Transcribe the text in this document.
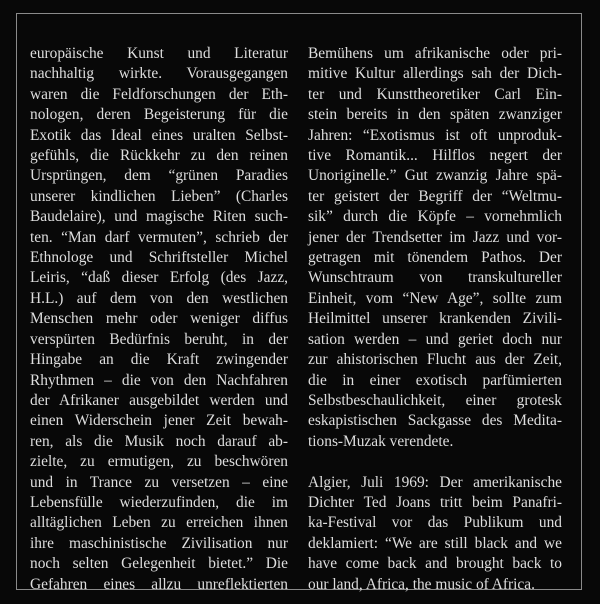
europäische Kunst und Literatur
nachhaltig wirkte. Vorausgegangen
waren die Feldforschungen der Eth-
nologen, deren Begeisterung für die
Exotik das Ideal eines uralten Selbst-
gefühls, die Rückkehr zu den reinen
Ursprüngen, dem “grünen Paradies
unserer kindlichen Lieben” (Charles
Baudelaire), und magische Riten such-
ten. “Man darf vermuten”, schrieb der
Ethnologe und Schriftsteller Michel
Leiris, “daß dieser Erfolg (des Jazz,
H.L.) auf dem von den westlichen
Menschen mehr oder weniger diffus
verspürten Bedürfnis beruht, in der
Hingabe an die Kraft zwingender
Rhythmen – die von den Nachfahren
der Afrikaner ausgebildet werden und
einen Widerschein jener Zeit bewah-
ren, als die Musik noch darauf ab-
zielte, zu ermutigen, zu beschwören
und in Trance zu versetzen – eine
Lebensfülle wiederzufinden, die im
alltäglichen Leben zu erreichen ihnen
ihre maschinistische Zivilisation nur
noch selten Gelegenheit bietet.” Die
Gefahren eines allzu unreflektierten
Bemühens um afrikanische oder pri-
mitive Kultur allerdings sah der Dich-
ter und Kunsttheoretiker Carl Ein-
stein bereits in den späten zwanziger
Jahren: “Exotismus ist oft unproduk-
tive Romantik... Hilflos negert der
Unoriginelle.” Gut zwanzig Jahre spä-
ter geistert der Begriff der “Weltmu-
sik” durch die Köpfe – vornehmlich
jener der Trendsetter im Jazz und vor-
getragen mit tönendem Pathos. Der
Wunschtraum von transkultureller
Einheit, vom “New Age”, sollte zum
Heilmittel unserer krankenden Zivili-
sation werden – und geriet doch nur
zur ahistorischen Flucht aus der Zeit,
die in einer exotisch parfümierten
Selbstbeschaulichkeit, einer grotesk
eskapistischen Sackgasse des Medita-
tions-Muzak verendete.
Algier, Juli 1969: Der amerikanische
Dichter Ted Joans tritt beim Panafri-
ka-Festival vor das Publikum und
deklamiert: “We are still black and we
have come back and brought back to
our land, Africa, the music of Africa.
